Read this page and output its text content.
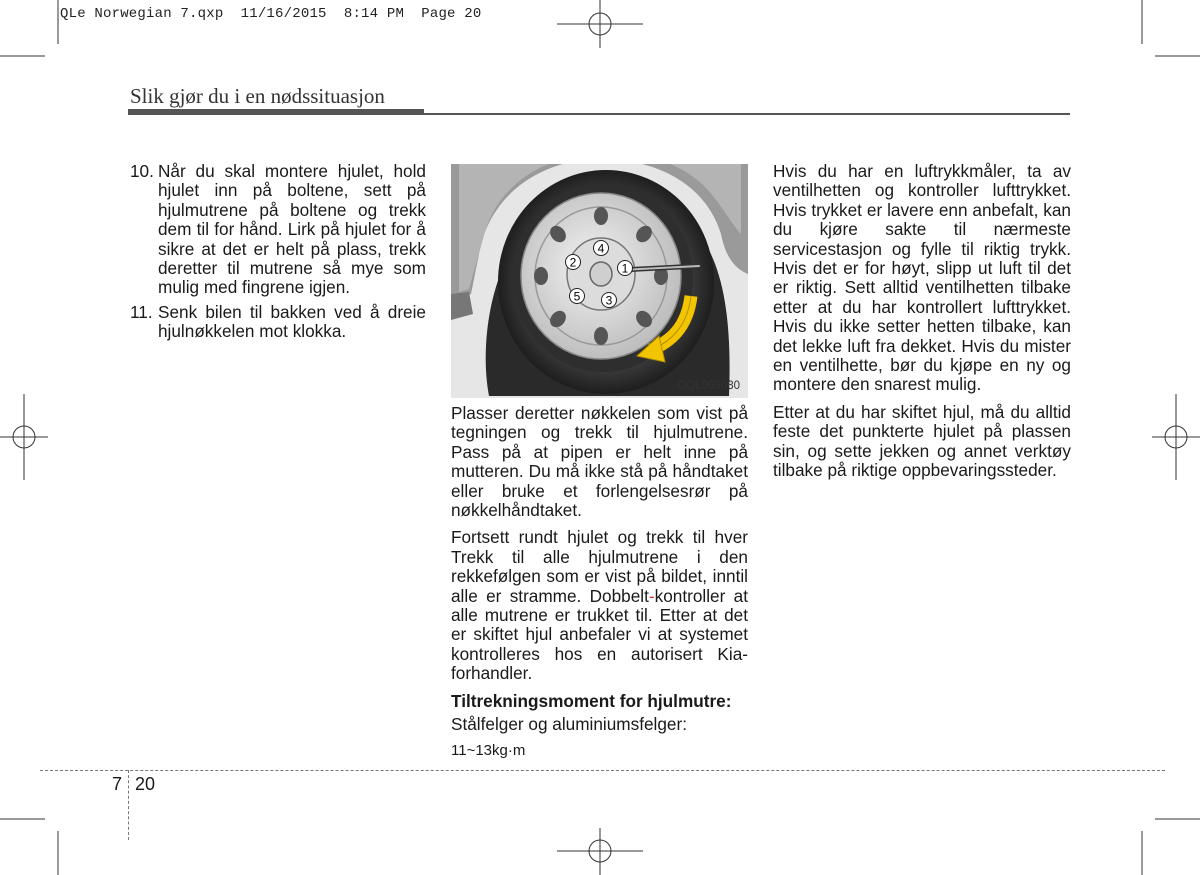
QLe Norwegian 7.qxp  11/16/2015  8:14 PM  Page 20
Slik gjør du i en nødssituasjon
10. Når du skal montere hjulet, hold hjulet inn på boltene, sett på hjulmutrene på boltene og trekk dem til for hånd. Lirk på hjulet for å sikre at det er helt på plass, trekk deretter til mutrene så mye som mulig med fingrene igjen.
11. Senk bilen til bakken ved å dreie hjulnøkkelen mot klokka.
1
2
3
4
5
OQL065030

Plasser deretter nøkkelen som vist på tegningen og trekk til hjulmutrene. Pass på at pipen er helt inne på mutteren. Du må ikke stå på håndtaket eller bruke et forlengelsesrør på nøkkelhåndtaket.

Fortsett rundt hjulet og trekk til hver Trekk til alle hjulmutrene i den rekkefølgen som er vist på bildet, inntil alle er stramme. Dobbelt-kontroller at alle mutrene er trukket til. Etter at det er skiftet hjul anbefaler vi at systemet kontrolleres hos en autorisert Kia-forhandler.

Tiltrekningsmoment for hjulmutre:

Stålfelger og aluminiumsfelger:

11~13kg·m

Hvis du har en luftrykkmåler, ta av ventilhetten og kontroller lufttrykket. Hvis trykket er lavere enn anbefalt, kan du kjøre sakte til nærmeste servicestasjon og fylle til riktig trykk. Hvis det er for høyt, slipp ut luft til det er riktig. Sett alltid ventilhetten tilbake etter at du har kontrollert lufttrykket. Hvis du ikke setter hetten tilbake, kan det lekke luft fra dekket. Hvis du mister en ventilhette, bør du kjøpe en ny og montere den snarest mulig.

Etter at du har skiftet hjul, må du alltid feste det punkterte hjulet på plassen sin, og sette jekken og annet verktøy tilbake på riktige oppbevaringssteder.

7 20
